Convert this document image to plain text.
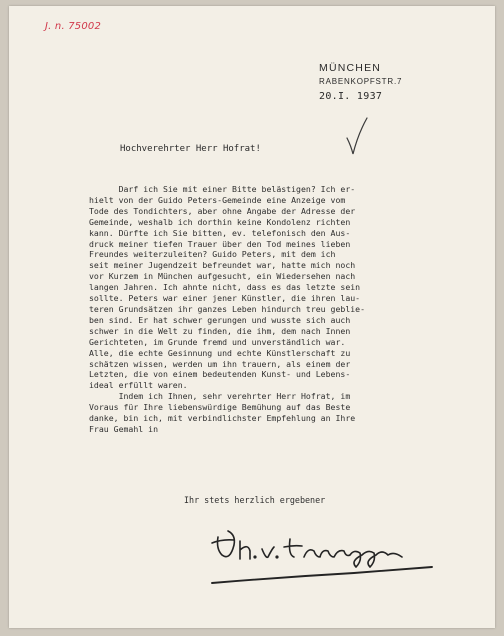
J. n. 75002
MÜNCHEN
RABENKOPFSTR.7
20.I. 1937
Hochverehrter Herr Hofrat!
Darf ich Sie mit einer Bitte belästigen? Ich er-
hielt von der Guido Peters-Gemeinde eine Anzeige vom
Tode des Tondichters, aber ohne Angabe der Adresse der
Gemeinde, weshalb ich dorthin keine Kondolenz richten
kann. Dürfte ich Sie bitten, ev. telefonisch den Aus-
druck meiner tiefen Trauer über den Tod meines lieben
Freundes weiterzuleiten? Guido Peters, mit dem ich
seit meiner Jugendzeit befreundet war, hatte mich noch
vor Kurzem in München aufgesucht, ein Wiedersehen nach
langen Jahren. Ich ahnte nicht, dass es das letzte sein
sollte. Peters war einer jener Künstler, die ihren lau-
teren Grundsätzen ihr ganzes Leben hindurch treu geblie-
ben sind. Er hat schwer gerungen und wusste sich auch
schwer in die Welt zu finden, die ihm, dem nach Innen
Gerichteten, im Grunde fremd und unverständlich war.
Alle, die echte Gesinnung und echte Künstlerschaft zu
schätzen wissen, werden um ihn trauern, als einem der
Letzten, die von einem bedeutenden Kunst- und Lebens-
ideal erfüllt waren.
Indem ich Ihnen, sehr verehrter Herr Hofrat, im
Voraus für Ihre liebenswürdige Bemühung auf das Beste
danke, bin ich, mit verbindlichster Empfehlung an Ihre
Frau Gemahl in
Ihr stets herzlich ergebener
